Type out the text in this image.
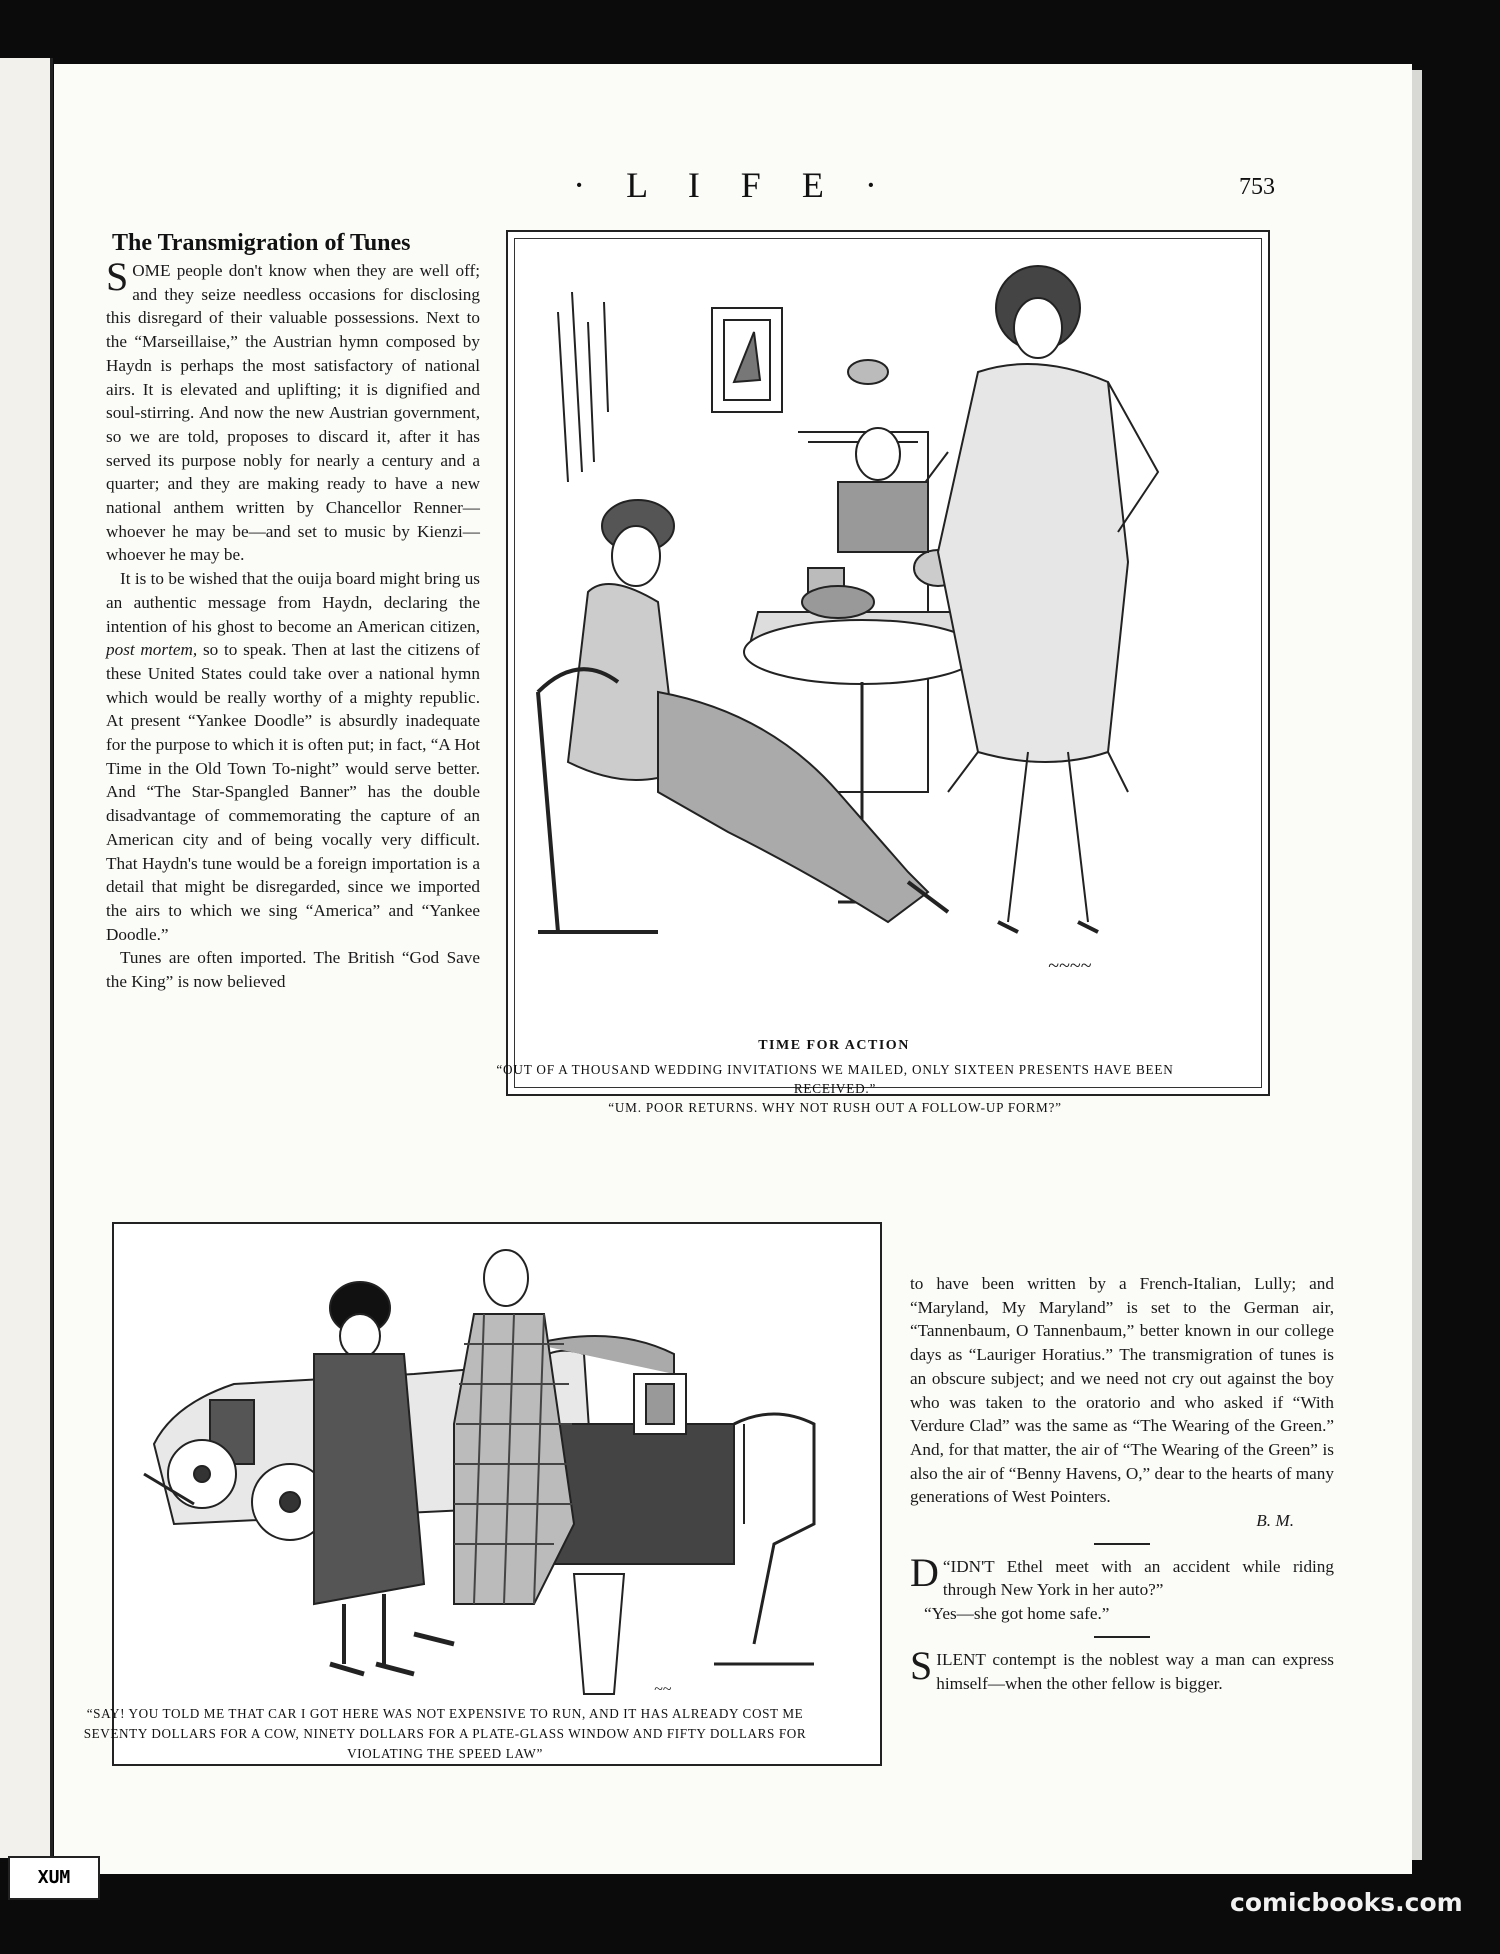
· L I F E ·	753
The Transmigration of Tunes

SOME people don't know when they are well off; and they seize needless occasions for disclosing this disregard of their valuable possessions. Next to the “Marseillaise,” the Austrian hymn composed by Haydn is perhaps the most satisfactory of national airs. It is elevated and uplifting; it is dignified and soul-stirring. And now the new Austrian government, so we are told, proposes to discard it, after it has served its purpose nobly for nearly a century and a quarter; and they are making ready to have a new national anthem written by Chancellor Renner—whoever he may be—and set to music by Kienzi—whoever he may be.

It is to be wished that the ouija board might bring us an authentic message from Haydn, declaring the intention of his ghost to become an American citizen, post mortem, so to speak. Then at last the citizens of these United States could take over a national hymn which would be really worthy of a mighty republic. At present “Yankee Doodle” is absurdly inadequate for the purpose to which it is often put; in fact, “A Hot Time in the Old Town To-night” would serve better. And “The Star-Spangled Banner” has the double disadvantage of commemorating the capture of an American city and of being vocally very difficult. That Haydn's tune would be a foreign importation is a detail that might be disregarded, since we imported the airs to which we sing “America” and “Yankee Doodle.”

Tunes are often imported. The British “God Save the King” is now believed

~~~~
~~

to have been written by a French-Italian, Lully; and “Maryland, My Maryland” is set to the German air, “Tannenbaum, O Tannenbaum,” better known in our college days as “Lauriger Horatius.” The transmigration of tunes is an obscure subject; and we need not cry out against the boy who was taken to the oratorio and who asked if “With Verdure Clad” was the same as “The Wearing of the Green.” And, for that matter, the air of “The Wearing of the Green” is also the air of “Benny Havens, O,” dear to the hearts of many generations of West Pointers.

B. M.

“
D IDN'T Ethel meet with an accident while riding through New York in her auto?”

“Yes—she got home safe.”

SILENT contempt is the noblest way a man can express himself—when the other fellow is bigger.

TIME FOR ACTION
“OUT OF A THOUSAND WEDDING INVITATIONS WE MAILED, ONLY SIXTEEN PRESENTS HAVE BEEN RECEIVED.”
“UM. POOR RETURNS. WHY NOT RUSH OUT A FOLLOW-UP FORM?”
“SAY! YOU TOLD ME THAT CAR I GOT HERE WAS NOT EXPENSIVE TO RUN, AND IT HAS ALREADY COST ME SEVENTY DOLLARS FOR A COW, NINETY DOLLARS FOR A PLATE-GLASS WINDOW AND FIFTY DOLLARS FOR VIOLATING THE SPEED LAW”
XUM
comicbooks.com
